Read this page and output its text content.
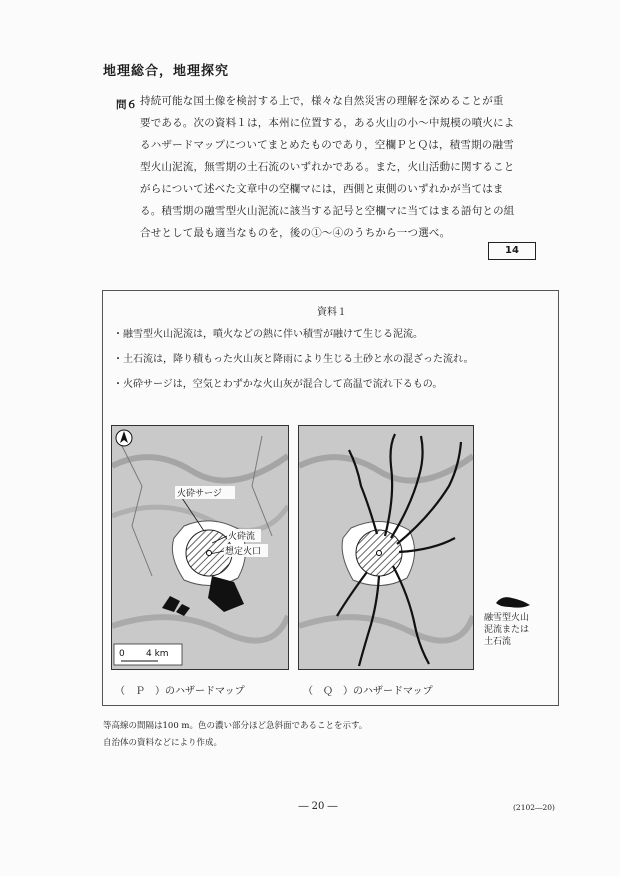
地理総合，地理探究
問６ 持続可能な国土像を検討する上で，様々な自然災害の理解を深めることが重
要である。次の資料１は，本州に位置する，ある火山の小～中規模の噴火によ
るハザードマップについてまとめたものであり，空欄ＰとＱは，積雪期の融雪
型火山泥流，無雪期の土石流のいずれかである。また，火山活動に関すること
がらについて述べた文章中の空欄マには，西側と東側のいずれかが当てはま
る。積雪期の融雪型火山泥流に該当する記号と空欄マに当てはまる語句との組
合せとして最も適当なものを，後の①～④のうちから一つ選べ。
14
資料１
・融雪型火山泥流は，噴火などの熱に伴い積雪が融けて生じる泥流。
・土石流は，降り積もった火山灰と降雨により生じる土砂と水の混ざった流れ。
・火砕サージは，空気とわずかな火山灰が混合して高温で流れ下るもの。
火砕サージ
火砕流
想定火口
0 4 km
（　Ｐ　）のハザードマップ	（　Ｑ　）のハザードマップ
融雪型火山
泥流または
土石流
等高線の間隔は100 m。色の濃い部分ほど急斜面であることを示す。
自治体の資料などにより作成。
― 20 ―	(2102―20)
